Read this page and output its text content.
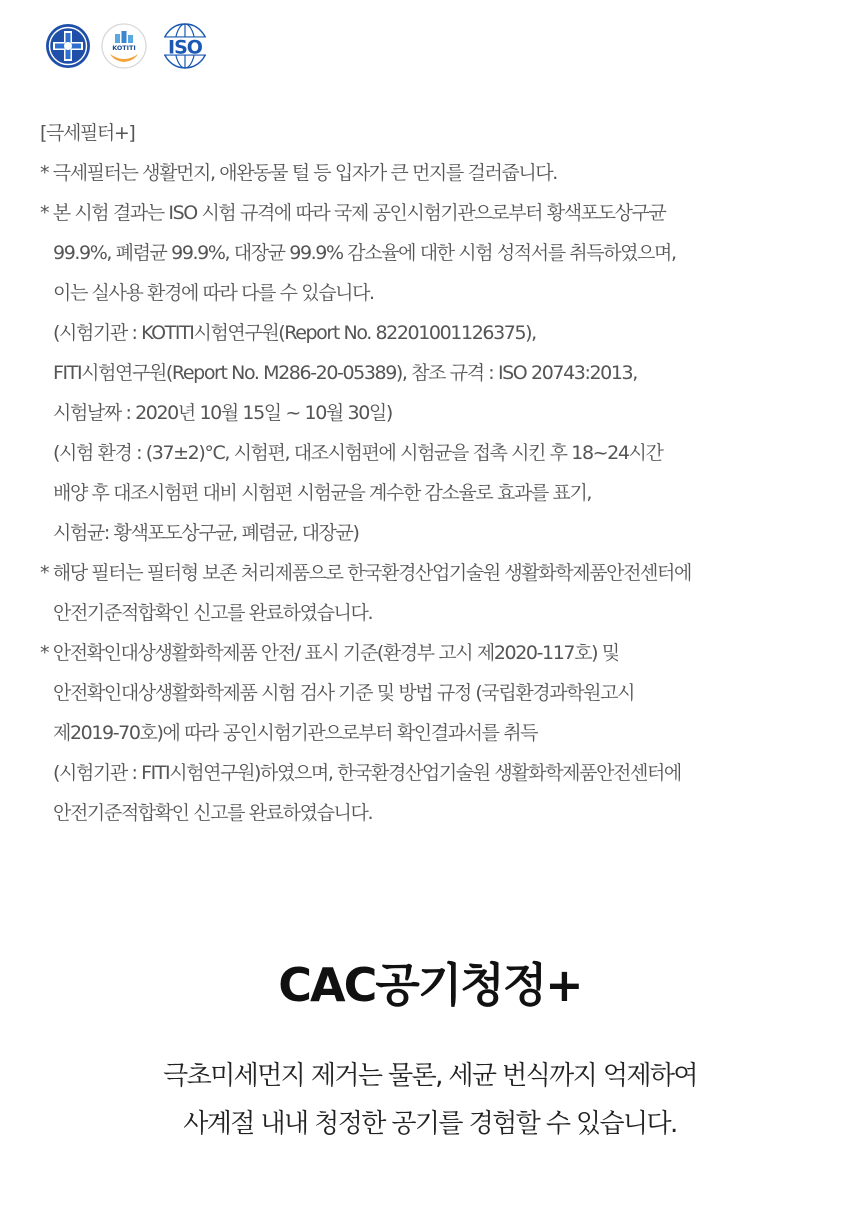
KOTITI ISO
[극세필터+]
* 극세필터는 생활먼지, 애완동물 털 등 입자가 큰 먼지를 걸러줍니다.
* 본 시험 결과는 ISO 시험 규격에 따라 국제 공인시험기관으로부터 황색포도상구균
99.9%, 폐렴균 99.9%, 대장균 99.9% 감소율에 대한 시험 성적서를 취득하였으며,
이는 실사용 환경에 따라 다를 수 있습니다.
(시험기관 : KOTITI시험연구원(Report No. 82201001126375),
FITI시험연구원(Report No. M286-20-05389), 참조 규격 : ISO 20743:2013,
시험날짜 : 2020년 10월 15일 ~ 10월 30일)
(시험 환경 : (37±2)°C, 시험편, 대조시험편에 시험균을 접촉 시킨 후 18~24시간
배양 후 대조시험편 대비 시험편 시험균을 계수한 감소율로 효과를 표기,
시험균: 황색포도상구균, 폐렴균, 대장균)
* 해당 필터는 필터형 보존 처리제품으로 한국환경산업기술원 생활화학제품안전센터에
안전기준적합확인 신고를 완료하였습니다.
* 안전확인대상생활화학제품 안전/ 표시 기준(환경부 고시 제2020-117호) 및
안전확인대상생활화학제품 시험 검사 기준 및 방법 규정 (국립환경과학원고시
제2019-70호)에 따라 공인시험기관으로부터 확인결과서를 취득
(시험기관 : FITI시험연구원)하였으며, 한국환경산업기술원 생활화학제품안전센터에
안전기준적합확인 신고를 완료하였습니다.
CAC공기청정+
극초미세먼지 제거는 물론, 세균 번식까지 억제하여
사계절 내내 청정한 공기를 경험할 수 있습니다.
